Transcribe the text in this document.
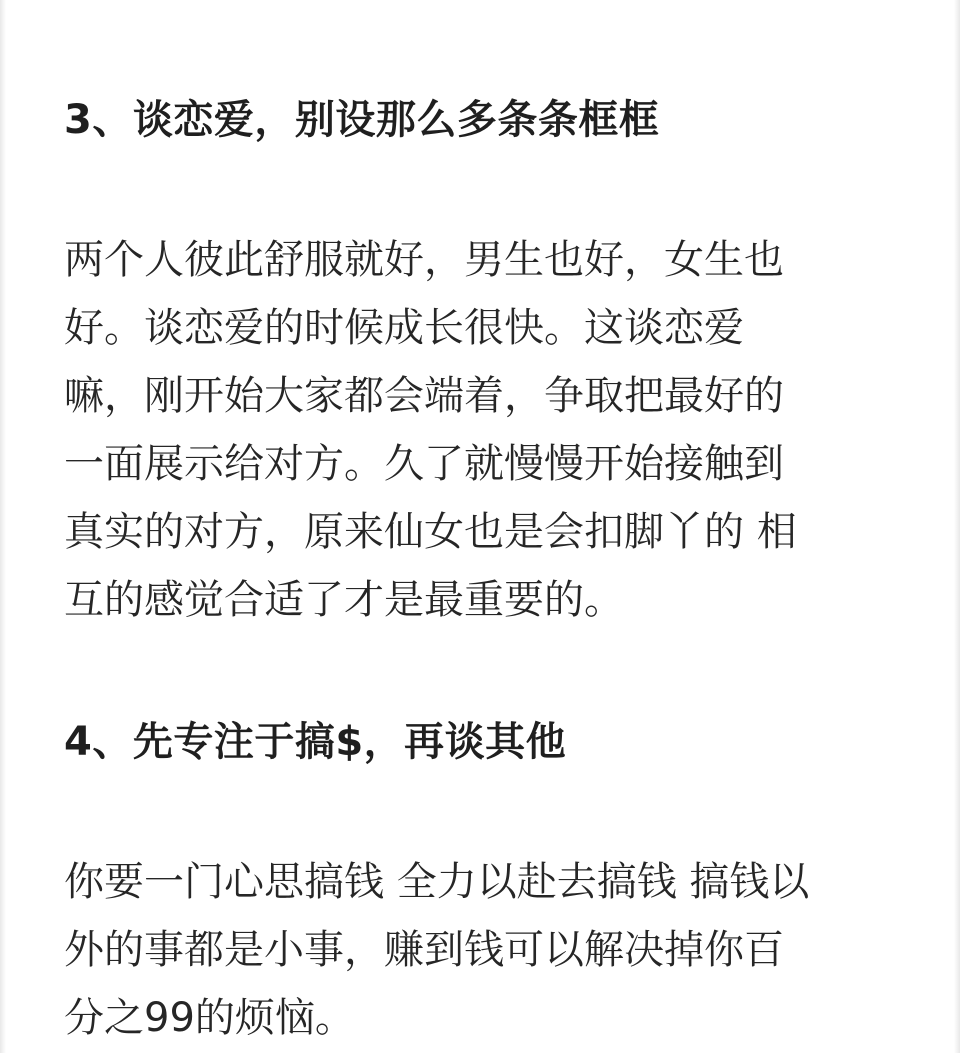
3、谈恋爱，别设那么多条条框框

两个人彼此舒服就好，男生也好，女生也
好。谈恋爱的时候成长很快。这谈恋爱
嘛，刚开始大家都会端着，争取把最好的
一面展示给对方。久了就慢慢开始接触到
真实的对方，原来仙女也是会扣脚丫的 相
互的感觉合适了才是最重要的。

4、先专注于搞$，再谈其他

你要一门心思搞钱 全力以赴去搞钱 搞钱以
外的事都是小事，赚到钱可以解决掉你百
分之99的烦恼。
